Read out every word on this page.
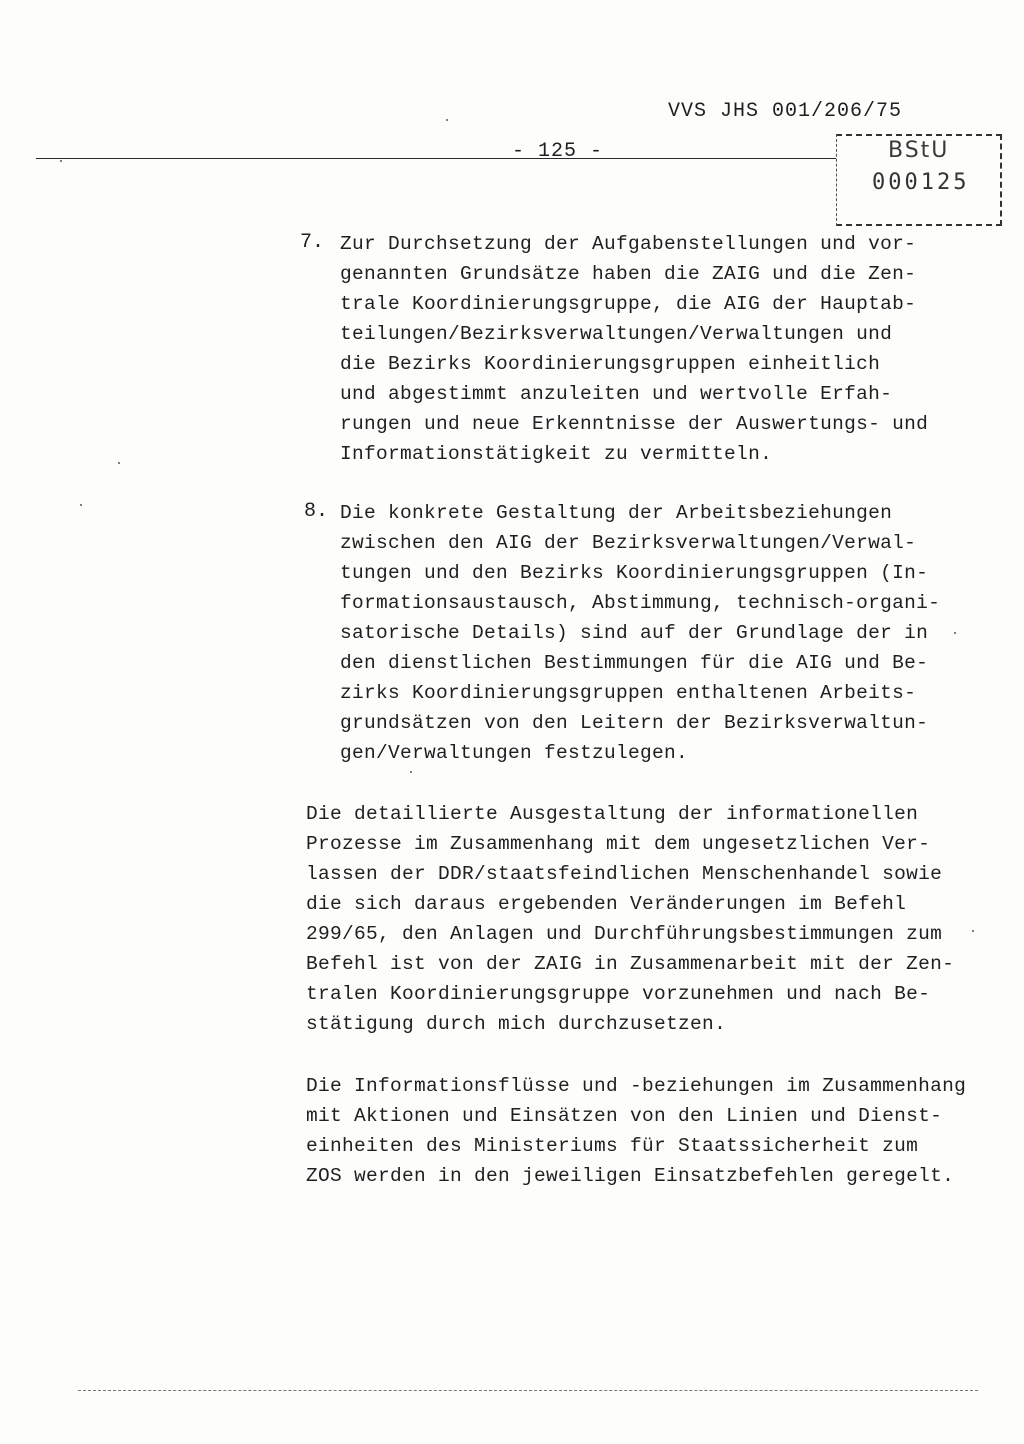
VVS JHS 001/206/75
- 125 -	BStU
000125
7. Zur Durchsetzung der Aufgabenstellungen und vor-
genannten Grundsätze haben die ZAIG und die Zen-
trale Koordinierungsgruppe, die AIG der Hauptab-
teilungen/Bezirksverwaltungen/Verwaltungen und
die Bezirks Koordinierungsgruppen einheitlich
und abgestimmt anzuleiten und wertvolle Erfah-
rungen und neue Erkenntnisse der Auswertungs- und
Informationstätigkeit zu vermitteln.
8. Die konkrete Gestaltung der Arbeitsbeziehungen
zwischen den AIG der Bezirksverwaltungen/Verwal-
tungen und den Bezirks Koordinierungsgruppen (In-
formationsaustausch, Abstimmung, technisch-organi-
satorische Details) sind auf der Grundlage der in
den dienstlichen Bestimmungen für die AIG und Be-
zirks Koordinierungsgruppen enthaltenen Arbeits-
grundsätzen von den Leitern der Bezirksverwaltun-
gen/Verwaltungen festzulegen.
Die detaillierte Ausgestaltung der informationellen
Prozesse im Zusammenhang mit dem ungesetzlichen Ver-
lassen der DDR/staatsfeindlichen Menschenhandel sowie
die sich daraus ergebenden Veränderungen im Befehl
299/65, den Anlagen und Durchführungsbestimmungen zum
Befehl ist von der ZAIG in Zusammenarbeit mit der Zen-
tralen Koordinierungsgruppe vorzunehmen und nach Be-
stätigung durch mich durchzusetzen.
Die Informationsflüsse und -beziehungen im Zusammenhang
mit Aktionen und Einsätzen von den Linien und Dienst-
einheiten des Ministeriums für Staatssicherheit zum
ZOS werden in den jeweiligen Einsatzbefehlen geregelt.
